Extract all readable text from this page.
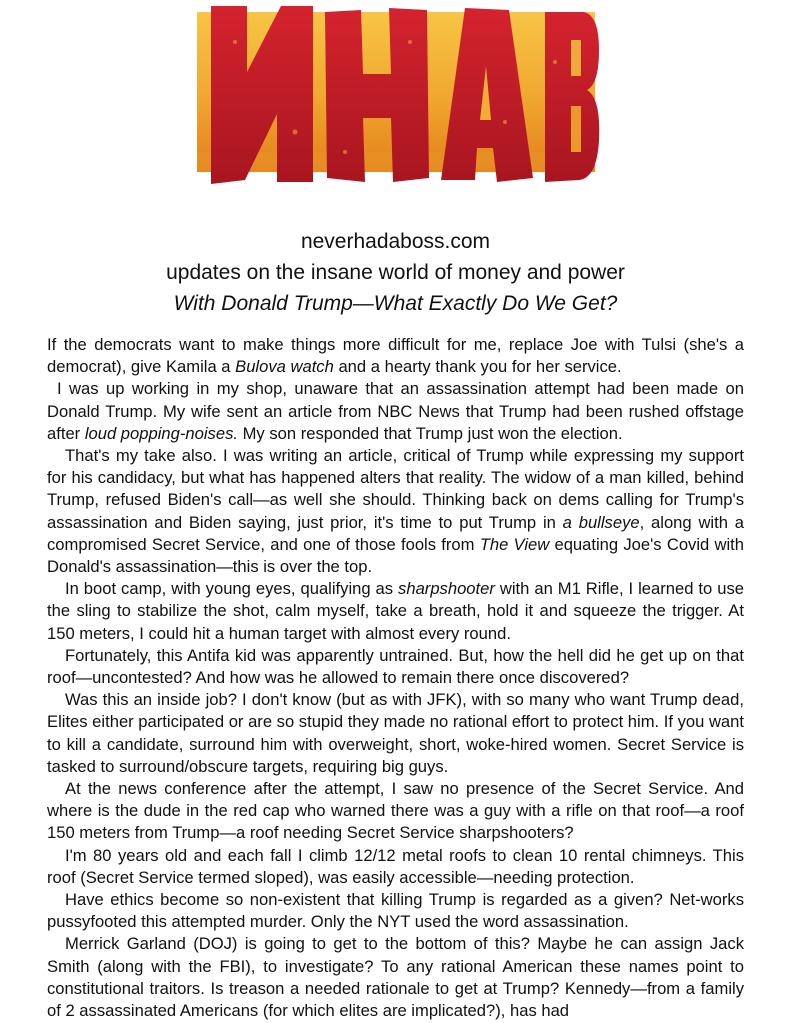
neverhadaboss.com
updates on the insane world of money and power
With Donald Trump—What Exactly Do We Get?

If the democrats want to make things more difficult for me, replace Joe with Tulsi (she's a democrat), give Kamila a Bulova watch and a hearty thank you for her service.

I was up working in my shop, unaware that an assassination attempt had been made on Donald Trump. My wife sent an article from NBC News that Trump had been rushed offstage after loud popping-noises. My son responded that Trump just won the election.

That's my take also. I was writing an article, critical of Trump while expressing my support for his candidacy, but what has happened alters that reality. The widow of a man killed, behind Trump, refused Biden's call—as well she should. Thinking back on dems calling for Trump's assassination and Biden saying, just prior, it's time to put Trump in a bullseye, along with a compromised Secret Service, and one of those fools from The View equating Joe's Covid with Donald's assassination—this is over the top.

In boot camp, with young eyes, qualifying as sharpshooter with an M1 Rifle, I learned to use the sling to stabilize the shot, calm myself, take a breath, hold it and squeeze the trigger. At 150 meters, I could hit a human target with almost every round.

Fortunately, this Antifa kid was apparently untrained. But, how the hell did he get up on that roof—uncontested? And how was he allowed to remain there once discovered?

Was this an inside job? I don't know (but as with JFK), with so many who want Trump dead, Elites either participated or are so stupid they made no rational effort to protect him. If you want to kill a candidate, surround him with overweight, short, woke-hired women. Secret Service is tasked to surround/obscure targets, requiring big guys.

At the news conference after the attempt, I saw no presence of the Secret Service. And where is the dude in the red cap who warned there was a guy with a rifle on that roof—a roof 150 meters from Trump—a roof needing Secret Service sharpshooters?

I'm 80 years old and each fall I climb 12/12 metal roofs to clean 10 rental chimneys. This roof (Secret Service termed sloped), was easily accessible—needing protection.

Have ethics become so non-existent that killing Trump is regarded as a given? Net-works pussyfooted this attempted murder. Only the NYT used the word assassination.

Merrick Garland (DOJ) is going to get to the bottom of this? Maybe he can assign Jack Smith (along with the FBI), to investigate? To any rational American these names point to constitutional traitors. Is treason a needed rationale to get at Trump? Kennedy—from a family of 2 assassinated Americans (for which elites are implicated?), has had
